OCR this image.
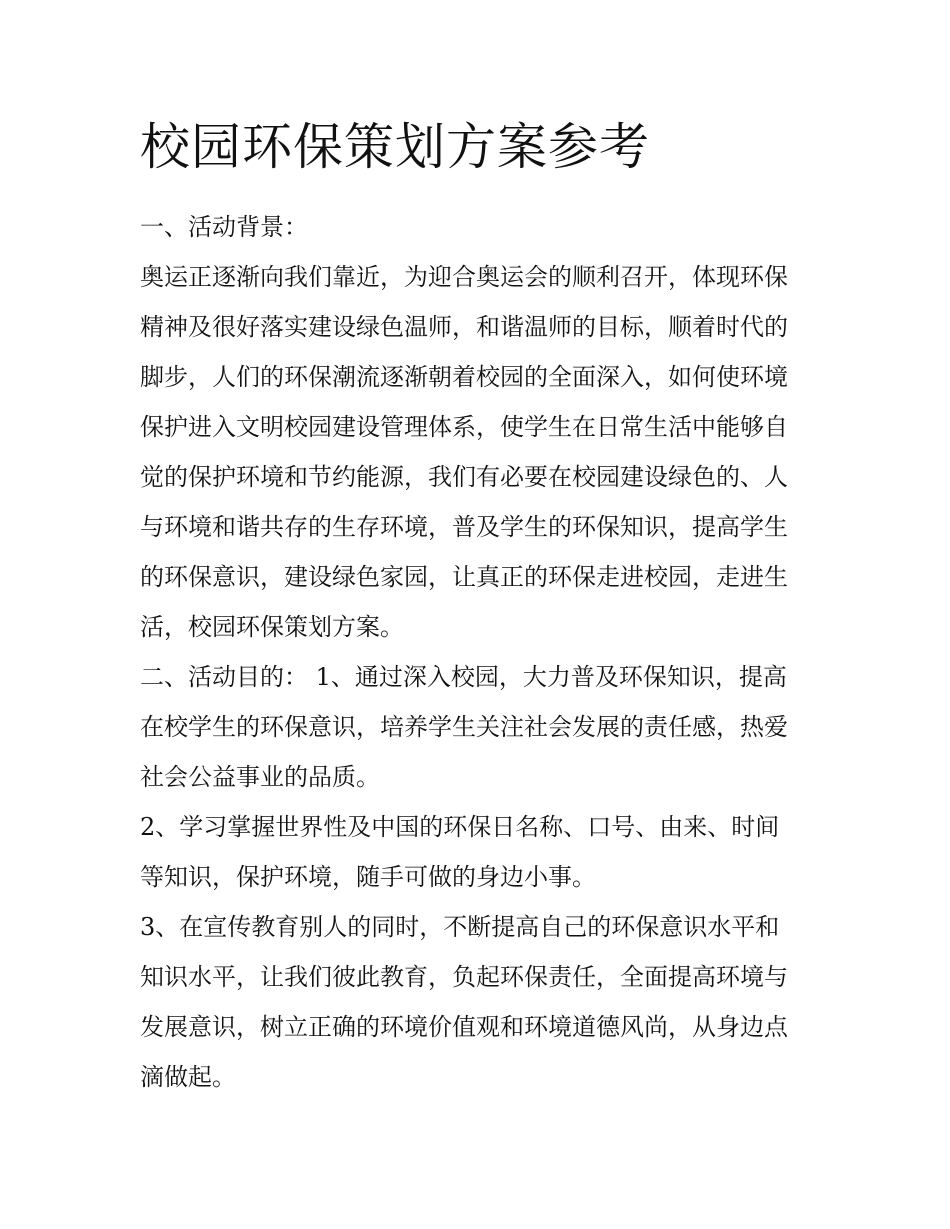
校园环保策划方案参考

一、活动背景：

奥运正逐渐向我们靠近，为迎合奥运会的顺利召开，体现环保
精神及很好落实建设绿色温师，和谐温师的目标，顺着时代的
脚步，人们的环保潮流逐渐朝着校园的全面深入，如何使环境
保护进入文明校园建设管理体系，使学生在日常生活中能够自
觉的保护环境和节约能源，我们有必要在校园建设绿色的、人
与环境和谐共存的生存环境，普及学生的环保知识，提高学生
的环保意识，建设绿色家园，让真正的环保走进校园，走进生
活，校园环保策划方案。

二、活动目的： 1、通过深入校园，大力普及环保知识，提高
在校学生的环保意识，培养学生关注社会发展的责任感，热爱
社会公益事业的品质。

2、学习掌握世界性及中国的环保日名称、口号、由来、时间
等知识，保护环境，随手可做的身边小事。

3、在宣传教育别人的同时，不断提高自己的环保意识水平和
知识水平，让我们彼此教育，负起环保责任，全面提高环境与
发展意识，树立正确的环境价值观和环境道德风尚，从身边点
滴做起。
